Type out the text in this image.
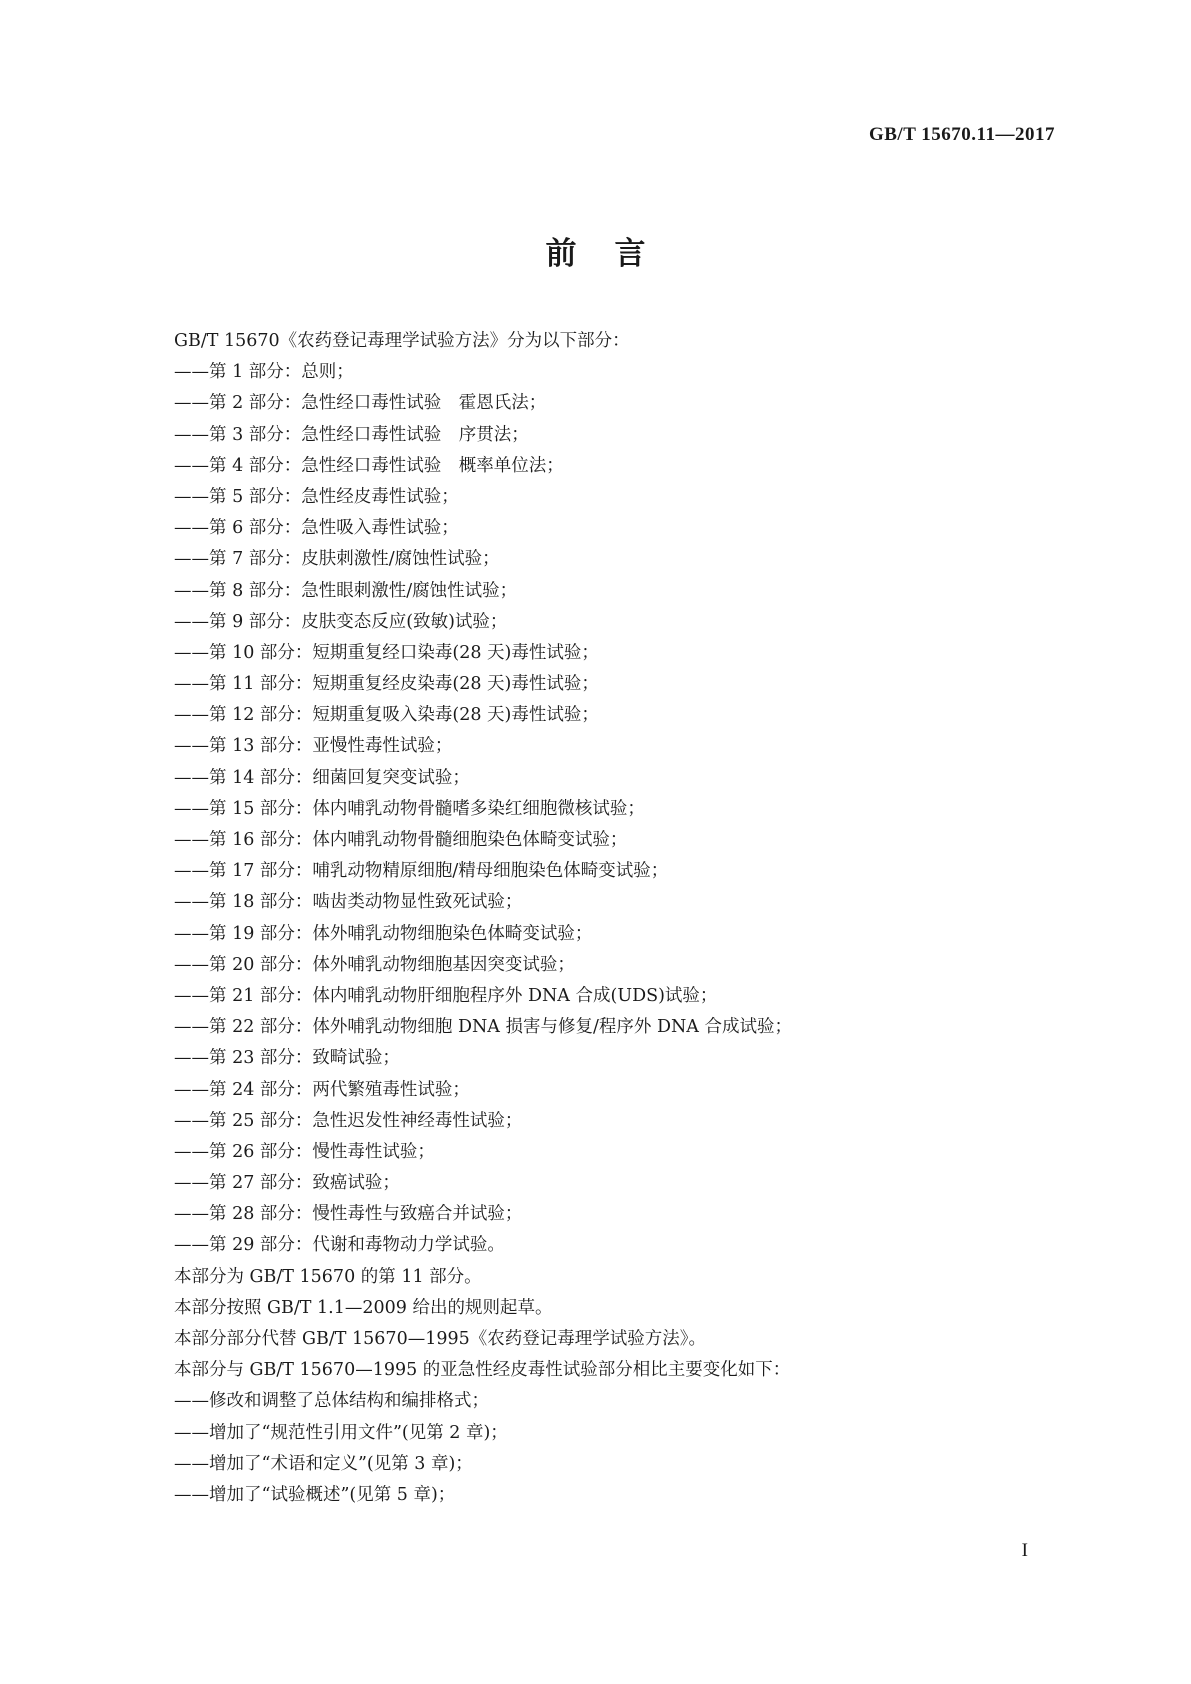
GB/T 15670.11—2017
前言

GB/T 15670《农药登记毒理学试验方法》分为以下部分：

——第 1 部分：总则；

——第 2 部分：急性经口毒性试验　霍恩氏法；

——第 3 部分：急性经口毒性试验　序贯法；

——第 4 部分：急性经口毒性试验　概率单位法；

——第 5 部分：急性经皮毒性试验；

——第 6 部分：急性吸入毒性试验；

——第 7 部分：皮肤刺激性/腐蚀性试验；

——第 8 部分：急性眼刺激性/腐蚀性试验；

——第 9 部分：皮肤变态反应(致敏)试验；

——第 10 部分：短期重复经口染毒(28 天)毒性试验；

——第 11 部分：短期重复经皮染毒(28 天)毒性试验；

——第 12 部分：短期重复吸入染毒(28 天)毒性试验；

——第 13 部分：亚慢性毒性试验；

——第 14 部分：细菌回复突变试验；

——第 15 部分：体内哺乳动物骨髓嗜多染红细胞微核试验；

——第 16 部分：体内哺乳动物骨髓细胞染色体畸变试验；

——第 17 部分：哺乳动物精原细胞/精母细胞染色体畸变试验；

——第 18 部分：啮齿类动物显性致死试验；

——第 19 部分：体外哺乳动物细胞染色体畸变试验；

——第 20 部分：体外哺乳动物细胞基因突变试验；

——第 21 部分：体内哺乳动物肝细胞程序外 DNA 合成(UDS)试验；

——第 22 部分：体外哺乳动物细胞 DNA 损害与修复/程序外 DNA 合成试验；

——第 23 部分：致畸试验；

——第 24 部分：两代繁殖毒性试验；

——第 25 部分：急性迟发性神经毒性试验；

——第 26 部分：慢性毒性试验；

——第 27 部分：致癌试验；

——第 28 部分：慢性毒性与致癌合并试验；

——第 29 部分：代谢和毒物动力学试验。

本部分为 GB/T 15670 的第 11 部分。

本部分按照 GB/T 1.1—2009 给出的规则起草。

本部分部分代替 GB/T 15670—1995《农药登记毒理学试验方法》。

本部分与 GB/T 15670—1995 的亚急性经皮毒性试验部分相比主要变化如下：

——修改和调整了总体结构和编排格式；

——增加了“规范性引用文件”(见第 2 章)；

——增加了“术语和定义”(见第 3 章)；

——增加了“试验概述”(见第 5 章)；

I
